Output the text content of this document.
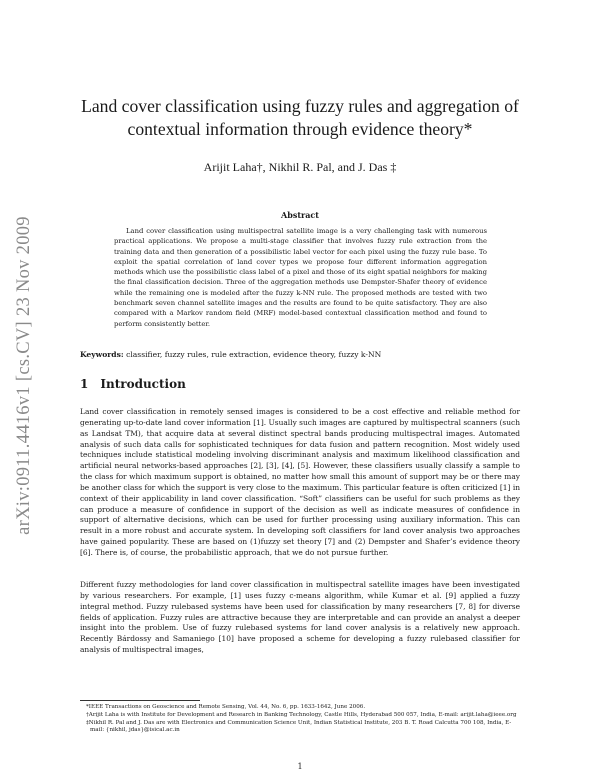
arXiv:0911.4416v1 [cs.CV] 23 Nov 2009
Land cover classification using fuzzy rules and aggregation of contextual information through evidence theory*
Arijit Laha†, Nikhil R. Pal, and J. Das ‡
Abstract
Land cover classification using multispectral satellite image is a very challenging task with numerous practical applications. We propose a multi-stage classifier that involves fuzzy rule extraction from the training data and then generation of a possibilistic label vector for each pixel using the fuzzy rule base. To exploit the spatial correlation of land cover types we propose four different information aggregation methods which use the possibilistic class label of a pixel and those of its eight spatial neighbors for making the final classification decision. Three of the aggregation methods use Dempster-Shafer theory of evidence while the remaining one is modeled after the fuzzy k-NN rule. The proposed methods are tested with two benchmark seven channel satellite images and the results are found to be quite satisfactory. They are also compared with a Markov random field (MRF) model-based contextual classification method and found to perform consistently better.
Keywords: classifier, fuzzy rules, rule extraction, evidence theory, fuzzy k-NN
1 Introduction
Land cover classification in remotely sensed images is considered to be a cost effective and reliable method for generating up-to-date land cover information [1]. Usually such images are captured by multispectral scanners (such as Landsat TM), that acquire data at several distinct spectral bands producing multispectral images. Automated analysis of such data calls for sophisticated techniques for data fusion and pattern recognition. Most widely used techniques include statistical modeling involving discriminant analysis and maximum likelihood classification and artificial neural networks-based approaches [2], [3], [4], [5]. However, these classifiers usually classify a sample to the class for which maximum support is obtained, no matter how small this amount of support may be or there may be another class for which the support is very close to the maximum. This particular feature is often criticized [1] in context of their applicability in land cover classification. “Soft” classifiers can be useful for such problems as they can produce a measure of confidence in support of the decision as well as indicate measures of confidence in support of alternative decisions, which can be used for further processing using auxiliary information. This can result in a more robust and accurate system. In developing soft classifiers for land cover analysis two approaches have gained popularity. These are based on (1)fuzzy set theory [7] and (2) Dempster and Shafer’s evidence theory [6]. There is, of course, the probabilistic approach, that we do not pursue further.
Different fuzzy methodologies for land cover classification in multispectral satellite images have been investigated by various researchers. For example, [1] uses fuzzy c-means algorithm, while Kumar et al. [9] applied a fuzzy integral method. Fuzzy rulebased systems have been used for classification by many researchers [7, 8] for diverse fields of application. Fuzzy rules are attractive because they are interpretable and can provide an analyst a deeper insight into the problem. Use of fuzzy rulebased systems for land cover analysis is a relatively new approach. Recently Bárdossy and Samaniego [10] have proposed a scheme for developing a fuzzy rulebased classifier for analysis of multispectral images,
*IEEE Transactions on Geoscience and Remote Sensing, Vol. 44, No. 6, pp. 1633-1642, June 2006.
†Arijit Laha is with Institute for Development and Research in Banking Technology, Castle Hills, Hyderabad 500 057, India, E-mail: arijit.laha@ieee.org
‡Nikhil R. Pal and J. Das are with Electronics and Communication Science Unit, Indian Statistical Institute, 203 B. T. Road Calcutta 700 108, India, E-mail: {nikhil, jdas}@isical.ac.in
1
